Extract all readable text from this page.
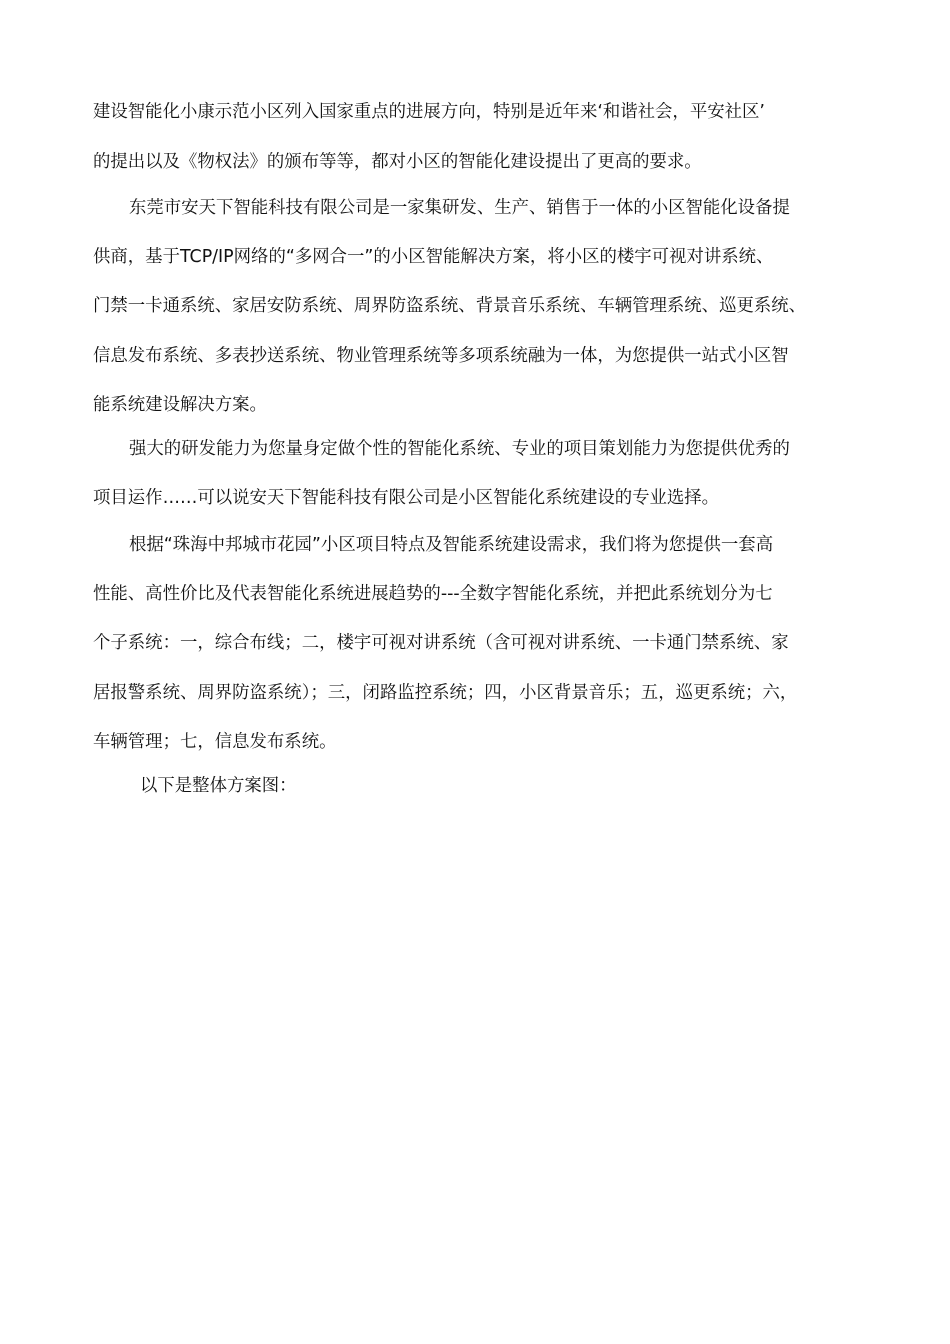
建设智能化小康示范小区列入国家重点的进展方向，特别是近年来‘和谐社会，平安社区’
的提出以及《物权法》的颁布等等，都对小区的智能化建设提出了更高的要求。
东莞市安天下智能科技有限公司是一家集研发、生产、销售于一体的小区智能化设备提
供商，基于TCP/IP网络的“多网合一”的小区智能解决方案，将小区的楼宇可视对讲系统、
门禁一卡通系统、家居安防系统、周界防盗系统、背景音乐系统、车辆管理系统、巡更系统、
信息发布系统、多表抄送系统、物业管理系统等多项系统融为一体，为您提供一站式小区智
能系统建设解决方案。
强大的研发能力为您量身定做个性的智能化系统、专业的项目策划能力为您提供优秀的
项目运作……可以说安天下智能科技有限公司是小区智能化系统建设的专业选择。
根据“珠海中邦城市花园”小区项目特点及智能系统建设需求，我们将为您提供一套高
性能、高性价比及代表智能化系统进展趋势的---全数字智能化系统，并把此系统划分为七
个子系统：一，综合布线；二，楼宇可视对讲系统（含可视对讲系统、一卡通门禁系统、家
居报警系统、周界防盗系统）；三，闭路监控系统；四，小区背景音乐；五，巡更系统；六，
车辆管理；七，信息发布系统。
以下是整体方案图：
